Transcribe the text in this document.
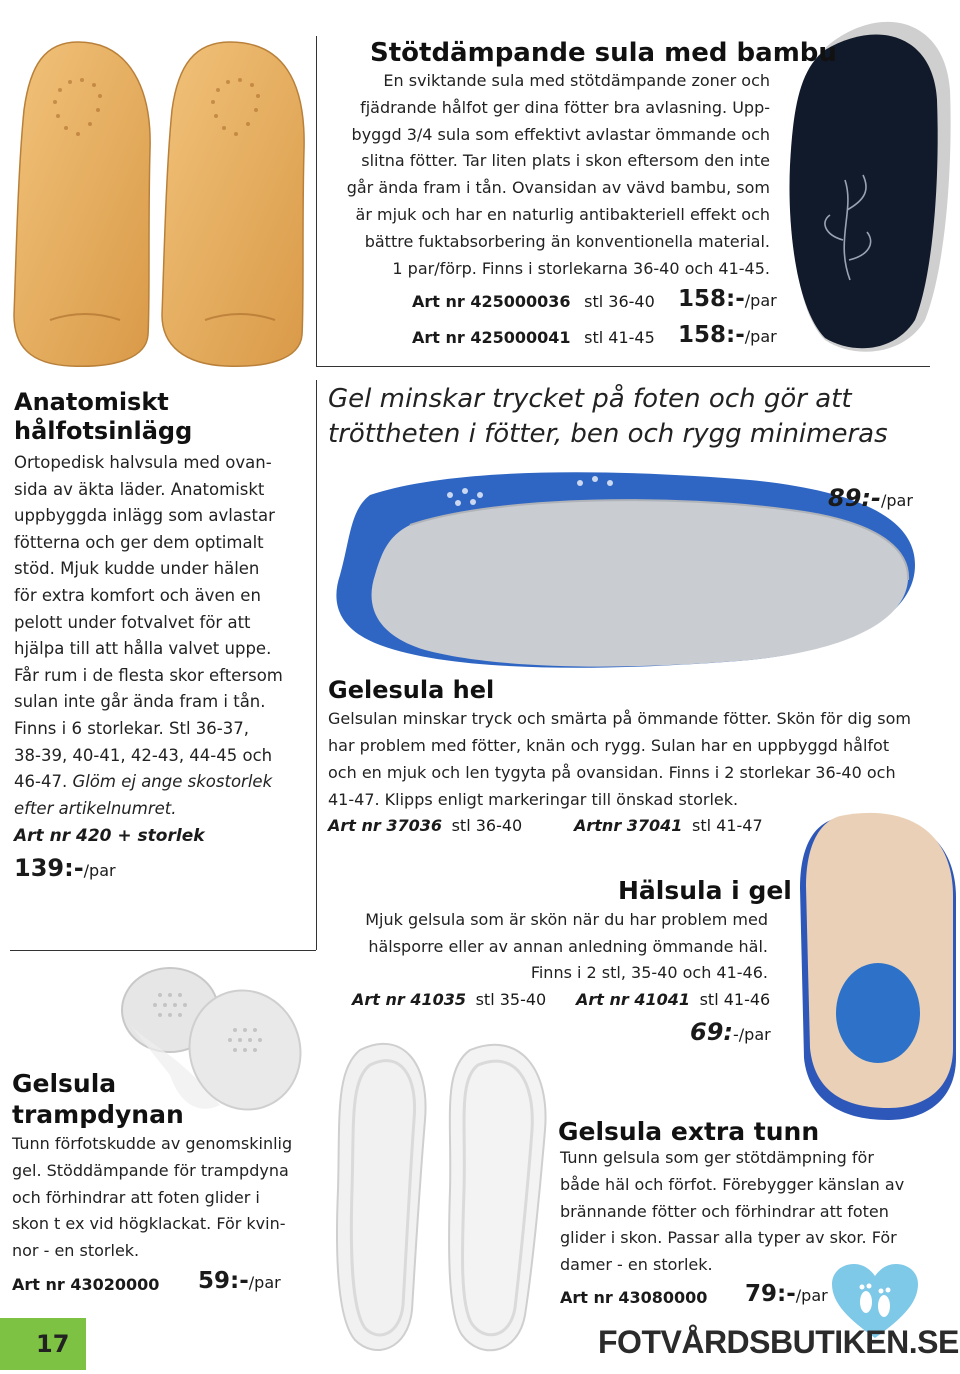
Stötdämpande sula med bambu
En sviktande sula med stötdämpande zoner och
fjädrande hålfot ger dina fötter bra avlasning. Upp-
byggd 3/4 sula som effektivt avlastar ömmande och
slitna fötter. Tar liten plats i skon eftersom den inte
går ända fram i tån. Ovansidan av vävd bambu, som
är mjuk och har en naturlig antibakteriell effekt och
bättre fuktabsorbering än konventionella material.
1 par/förp. Finns i storlekarna 36-40 och 41-45.
Art nr 425000036 stl 36-40 158:-/par
Art nr 425000041 stl 41-45 158:-/par
Anatomiskt
hålfotsinlägg
Ortopedisk halvsula med ovan-
sida av äkta läder. Anatomiskt
uppbyggda inlägg som avlastar
fötterna och ger dem optimalt
stöd. Mjuk kudde under hälen
för extra komfort och även en
pelott under fotvalvet för att
hjälpa till att hålla valvet uppe.
Får rum i de flesta skor eftersom
sulan inte går ända fram i tån.
Finns i 6 storlekar. Stl 36-37,
38-39, 40-41, 42-43, 44-45 och
46-47. Glöm ej ange skostorlek
efter artikelnumret.
Art nr 420 + storlek
139:-/par
Gel minskar trycket på foten och gör att
tröttheten i fötter, ben och rygg minimeras
89:-/par
Gelesula hel
Gelsulan minskar tryck och smärta på ömmande fötter. Skön för dig som
har problem med fötter, knän och rygg. Sulan har en uppbyggd hålfot
och en mjuk och len tygyta på ovansidan. Finns i 2 storlekar 36-40 och
41-47. Klipps enligt markeringar till önskad storlek.
Art nr 37036 stl 36-40	Artnr 37041 stl 41-47
Hälsula i gel
Mjuk gelsula som är skön när du har problem med
hälsporre eller av annan anledning ömmande häl.
Finns i 2 stl, 35-40 och 41-46.
Art nr 41035 stl 35-40 Art nr 41041 stl 41-46
69:-/par
Gelsula
trampdynan
Tunn förfotskudde av genomskinlig
gel. Stöddämpande för trampdyna
och förhindrar att foten glider i
skon t ex vid högklackat. För kvin-
nor - en storlek.
Art nr 43020000 59:-/par
Gelsula extra tunn
Tunn gelsula som ger stötdämpning för
både häl och förfot. Förebygger känslan av
brännande fötter och förhindrar att foten
glider i skon. Passar alla typer av skor. För
damer - en storlek.
Art nr 43080000 79:-/par
17	FOTVÅRDSBUTIKEN.SE
